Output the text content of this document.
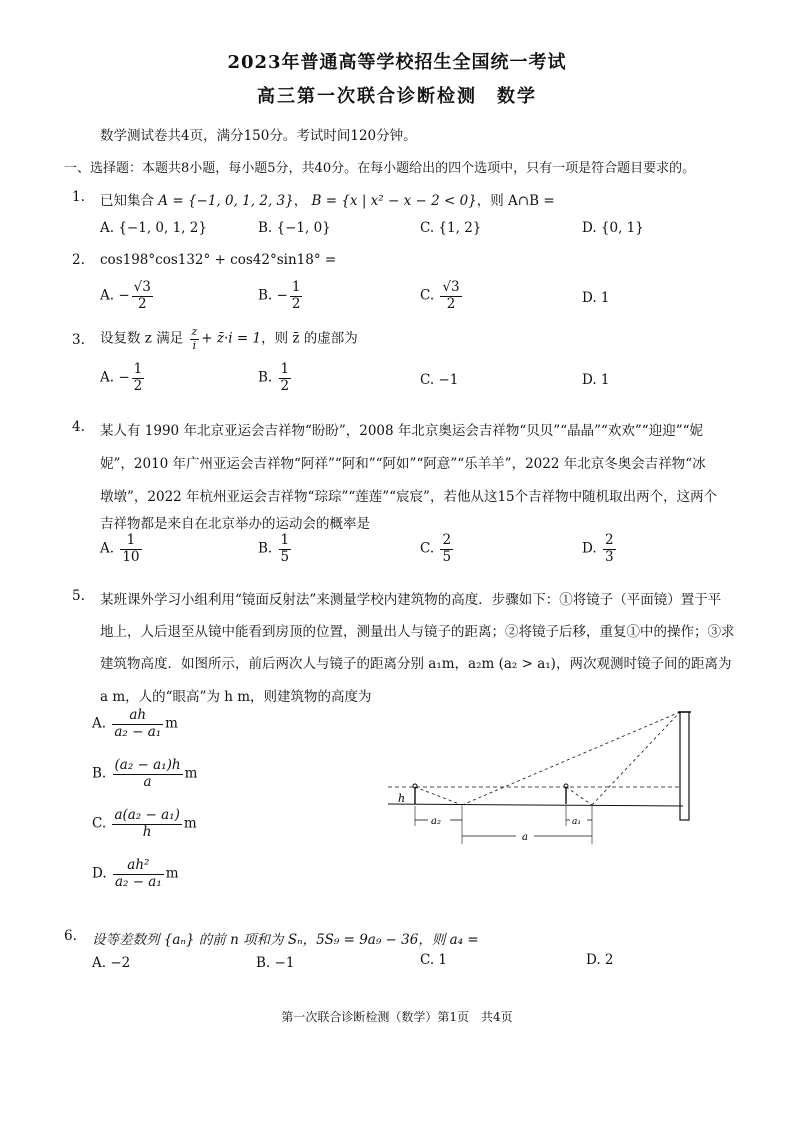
2023年普通高等学校招生全国统一考试
高三第一次联合诊断检测　数学
数学测试卷共4页，满分150分。考试时间120分钟。
一、选择题：本题共8小题，每小题5分，共40分。在每小题给出的四个选项中，只有一项是符合题目要求的。
1. 已知集合 A = {−1, 0, 1, 2, 3}， B = {x | x² − x − 2 < 0}，则 A∩B =
A. {−1, 0, 1, 2}	B. {−1, 0}	C. {1, 2}	D. {0, 1}
2. cos198°cos132° + cos42°sin18° =
A. − $\frac{√3}{2}$	B. − $\frac{1}{2}$	C. $\frac{√3}{2}$	D. 1
3. 设复数 z 满足 $\frac{z}{i}$ + z̄·i = 1，则 z̄ 的虚部为
A. − $\frac{1}{2}$	B. $\frac{1}{2}$	C. −1	D. 1
4. 某人有 1990 年北京亚运会吉祥物“盼盼”，2008 年北京奥运会吉祥物“贝贝”“晶晶”“欢欢”“迎迎”“妮
妮”，2010 年广州亚运会吉祥物“阿祥”“阿和”“阿如”“阿意”“乐羊羊”，2022 年北京冬奥会吉祥物“冰
墩墩”，2022 年杭州亚运会吉祥物“琮琮”“莲莲”“宸宸”，若他从这15个吉祥物中随机取出两个，这两个
吉祥物都是来自在北京举办的运动会的概率是
A. $\frac{1}{10}$	B. $\frac{1}{5}$	C. $\frac{2}{5}$	D. $\frac{2}{3}$
5. 某班课外学习小组利用“镜面反射法”来测量学校内建筑物的高度．步骤如下：①将镜子（平面镜）置于平
地上，人后退至从镜中能看到房顶的位置，测量出人与镜子的距离；②将镜子后移，重复①中的操作；③求
建筑物高度．如图所示，前后两次人与镜子的距离分别 a₁m，a₂m (a₂ > a₁)，两次观测时镜子间的距离为
a m，人的“眼高”为 h m，则建筑物的高度为
A. $\frac{ah}{\text{a₂ − a₁}}$ m
B. $\frac{\text{(a₂ − a₁)h}}{a}$ m
C. $\frac{\text{a(a₂ − a₁)}}{h}$ m
D. $\frac{\text{ah²}}{\text{a₂ − a₁}}$ m
h
a₂
a
a₁
6. 设等差数列 {aₙ} 的前 n 项和为 Sₙ，5S₉ = 9a₉ − 36，则 a₄ =
A. −2	B. −1	C. 1	D. 2
第一次联合诊断检测（数学）第1页　共4页
